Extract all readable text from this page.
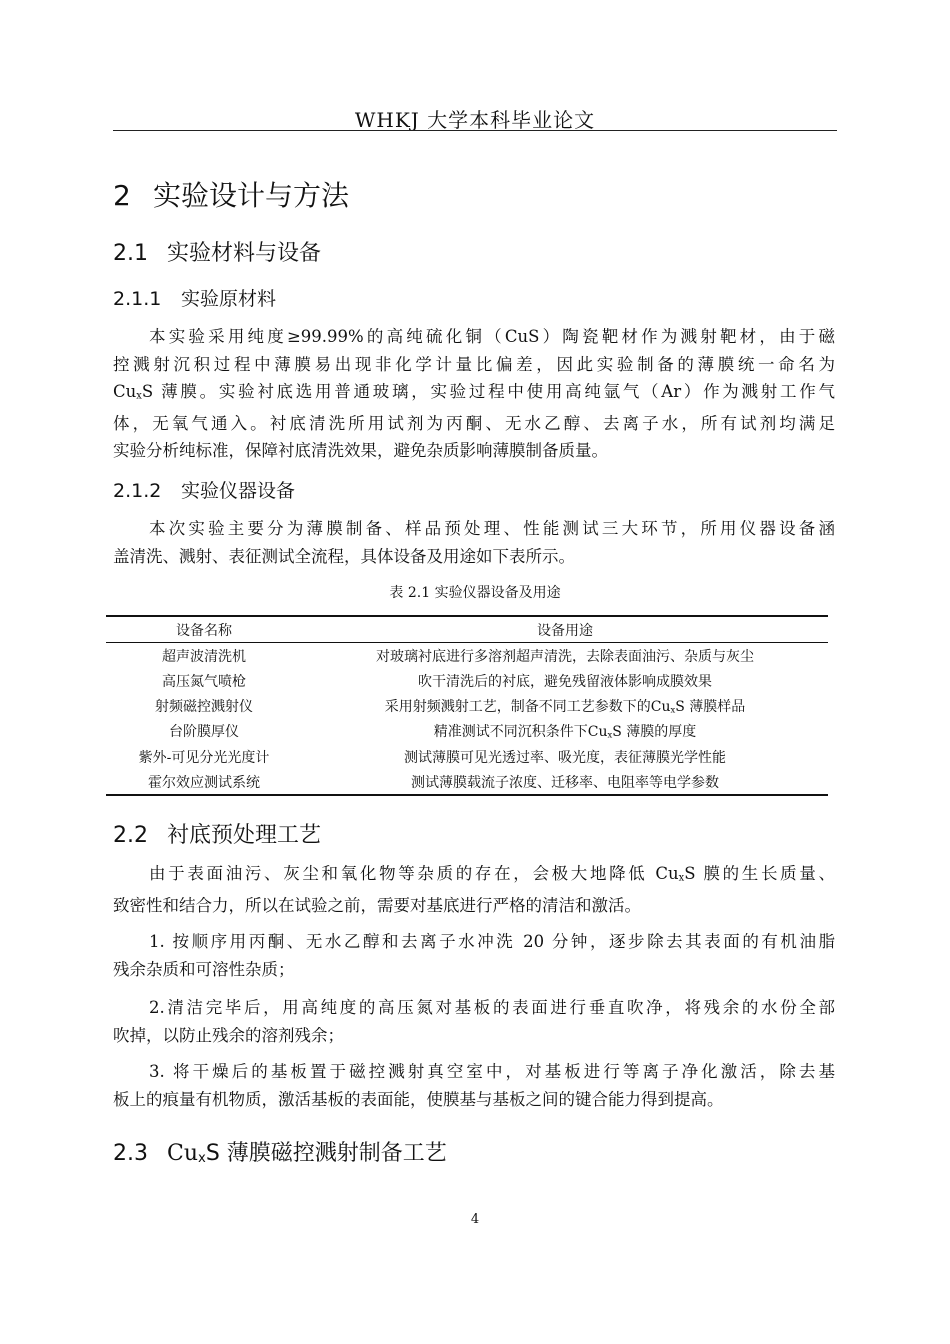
WHKJ 大学本科毕业论文
2 实验设计与方法
2.1 实验材料与设备
2.1.1 实验原材料

本实验采用纯度≥99.99%的高纯硫化铜（CuS）陶瓷靶材作为溅射靶材，由于磁
控溅射沉积过程中薄膜易出现非化学计量比偏差，因此实验制备的薄膜统一命名为
$Cu_xS$ 薄膜。实验衬底选用普通玻璃，实验过程中使用高纯氩气（Ar）作为溅射工作气
体，无氧气通入。衬底清洗所用试剂为丙酮、无水乙醇、去离子水，所有试剂均满足
实验分析纯标准，保障衬底清洗效果，避免杂质影响薄膜制备质量。

2.1.2 实验仪器设备

本次实验主要分为薄膜制备、样品预处理、性能测试三大环节，所用仪器设备涵
盖清洗、溅射、表征测试全流程，具体设备及用途如下表所示。

表 2.1 实验仪器设备及用途
设备名称	设备用途
超声波清洗机	对玻璃衬底进行多溶剂超声清洗，去除表面油污、杂质与灰尘
高压氮气喷枪	吹干清洗后的衬底，避免残留液体影响成膜效果
射频磁控溅射仪	采用射频溅射工艺，制备不同工艺参数下的$Cu_xS$ 薄膜样品
台阶膜厚仪	精准测试不同沉积条件下$Cu_xS$ 薄膜的厚度
紫外-可见分光光度计	测试薄膜可见光透过率、吸光度，表征薄膜光学性能
霍尔效应测试系统	测试薄膜载流子浓度、迁移率、电阻率等电学参数
2.2 衬底预处理工艺

由于表面油污、灰尘和氧化物等杂质的存在，会极大地降低 $Cu_xS$ 膜的生长质量、
致密性和结合力，所以在试验之前，需要对基底进行严格的清洁和激活。

1. 按顺序用丙酮、无水乙醇和去离子水冲洗 20 分钟，逐步除去其表面的有机油脂
残余杂质和可溶性杂质；

2.清洁完毕后，用高纯度的高压氮对基板的表面进行垂直吹净，将残余的水份全部
吹掉，以防止残余的溶剂残余；

3. 将干燥后的基板置于磁控溅射真空室中，对基板进行等离子净化激活，除去基
板上的痕量有机物质，激活基板的表面能，使膜基与基板之间的键合能力得到提高。

2.3 $Cu_xS$ 薄膜磁控溅射制备工艺
4
